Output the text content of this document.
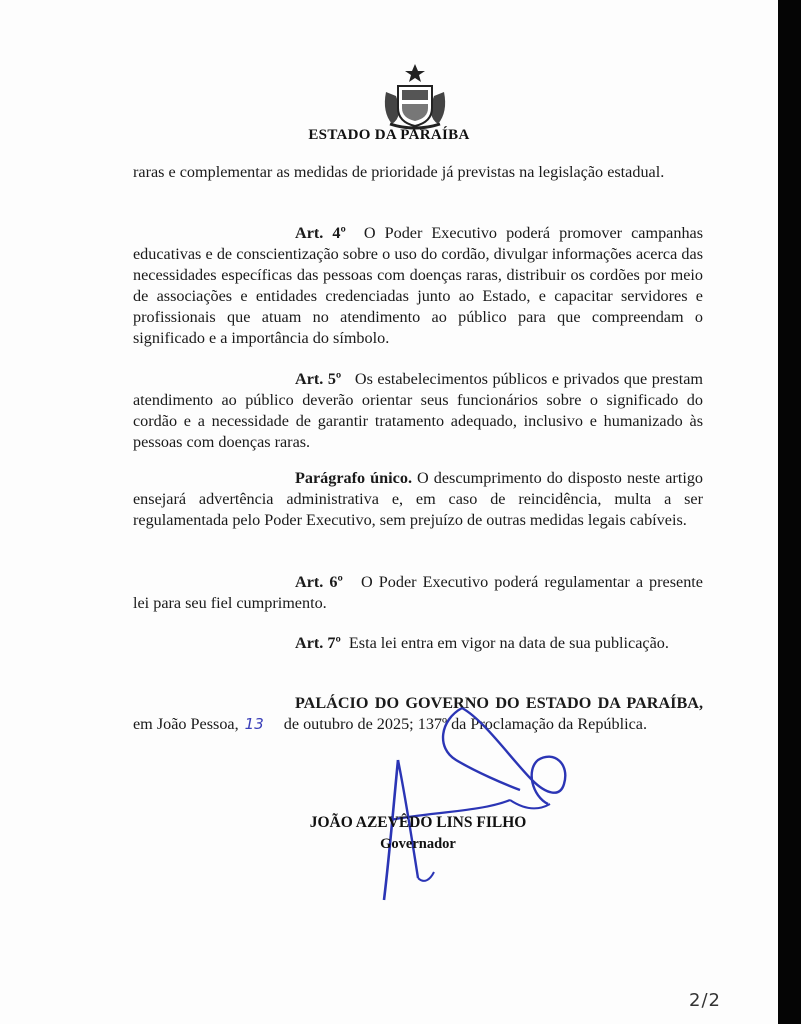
ESTADO DA PARAÍBA

raras e complementar as medidas de prioridade já previstas na legislação estadual.

Art. 4º O Poder Executivo poderá promover campanhas educativas e de conscientização sobre o uso do cordão, divulgar informações acerca das necessidades específicas das pessoas com doenças raras, distribuir os cordões por meio de associações e entidades credenciadas junto ao Estado, e capacitar servidores e profissionais que atuam no atendimento ao público para que compreendam o significado e a importância do símbolo.

Art. 5º Os estabelecimentos públicos e privados que prestam atendimento ao público deverão orientar seus funcionários sobre o significado do cordão e a necessidade de garantir tratamento adequado, inclusivo e humanizado às pessoas com doenças raras.

Parágrafo único. O descumprimento do disposto neste artigo ensejará advertência administrativa e, em caso de reincidência, multa a ser regulamentada pelo Poder Executivo, sem prejuízo de outras medidas legais cabíveis.

Art. 6º O Poder Executivo poderá regulamentar a presente lei para seu fiel cumprimento.

Art. 7º Esta lei entra em vigor na data de sua publicação.

PALÁCIO DO GOVERNO DO ESTADO DA PARAÍBA, em João Pessoa, 13 de outubro de 2025; 137º da Proclamação da República.

JOÃO AZEVÊDO LINS FILHO
Governador
2/2
